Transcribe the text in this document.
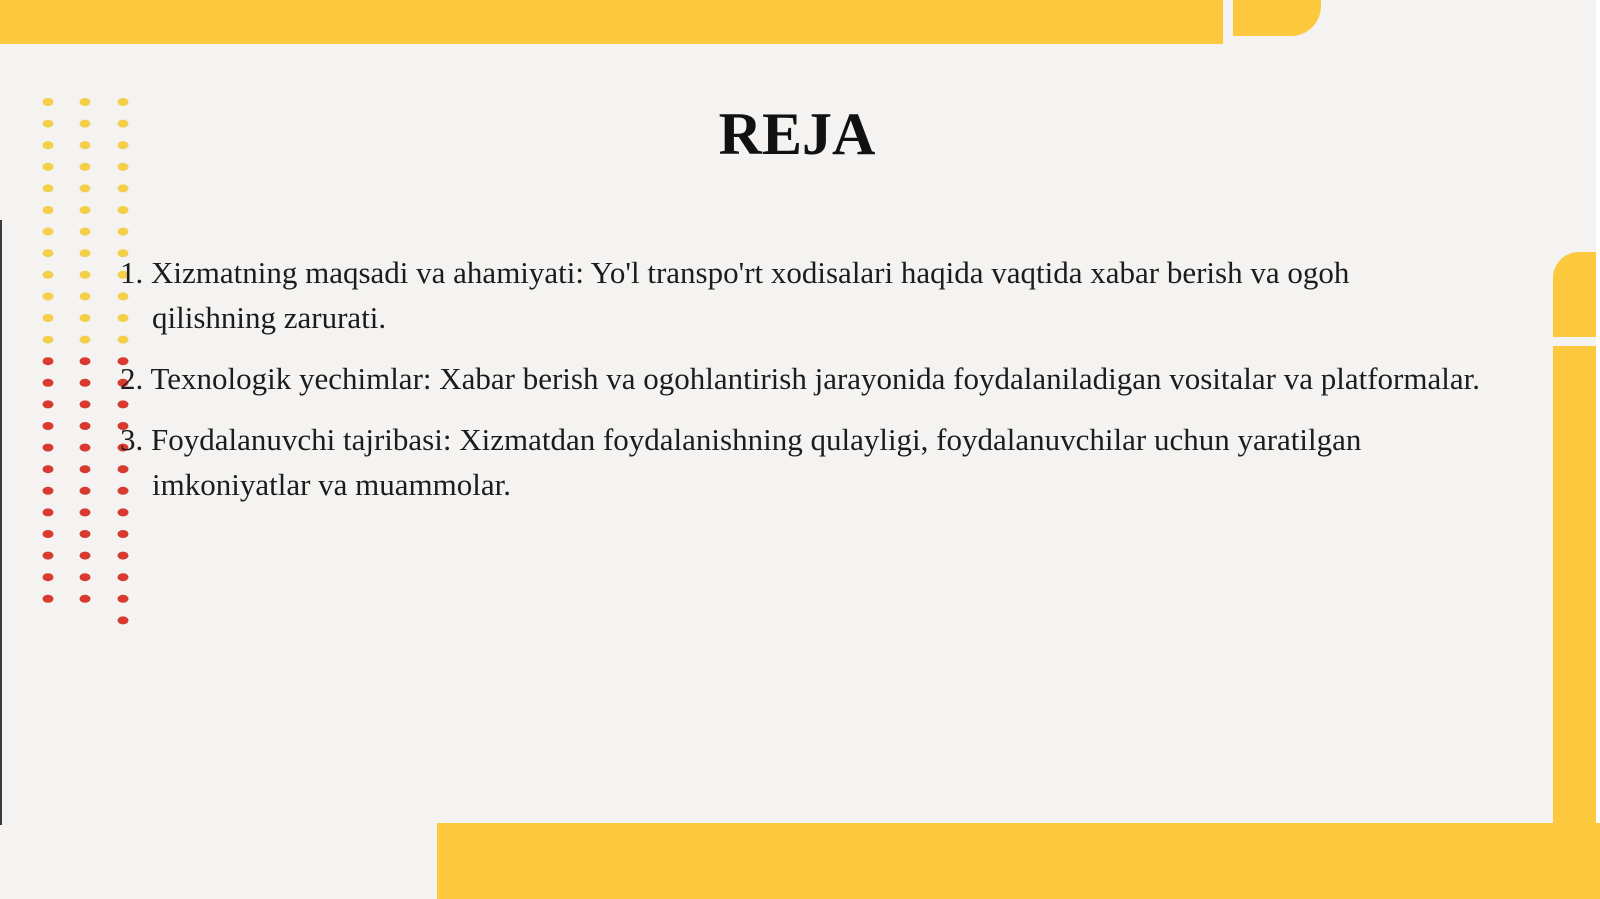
REJA
1. Xizmatning maqsadi va ahamiyati: Yo'l transpo'rt xodisalari haqida vaqtida xabar berish va ogoh qilishning zarurati.
2. Texnologik yechimlar: Xabar berish va ogohlantirish jarayonida foydalaniladigan vositalar va platformalar.
3. Foydalanuvchi tajribasi: Xizmatdan foydalanishning qulayligi, foydalanuvchilar uchun yaratilgan imkoniyatlar va muammolar.
